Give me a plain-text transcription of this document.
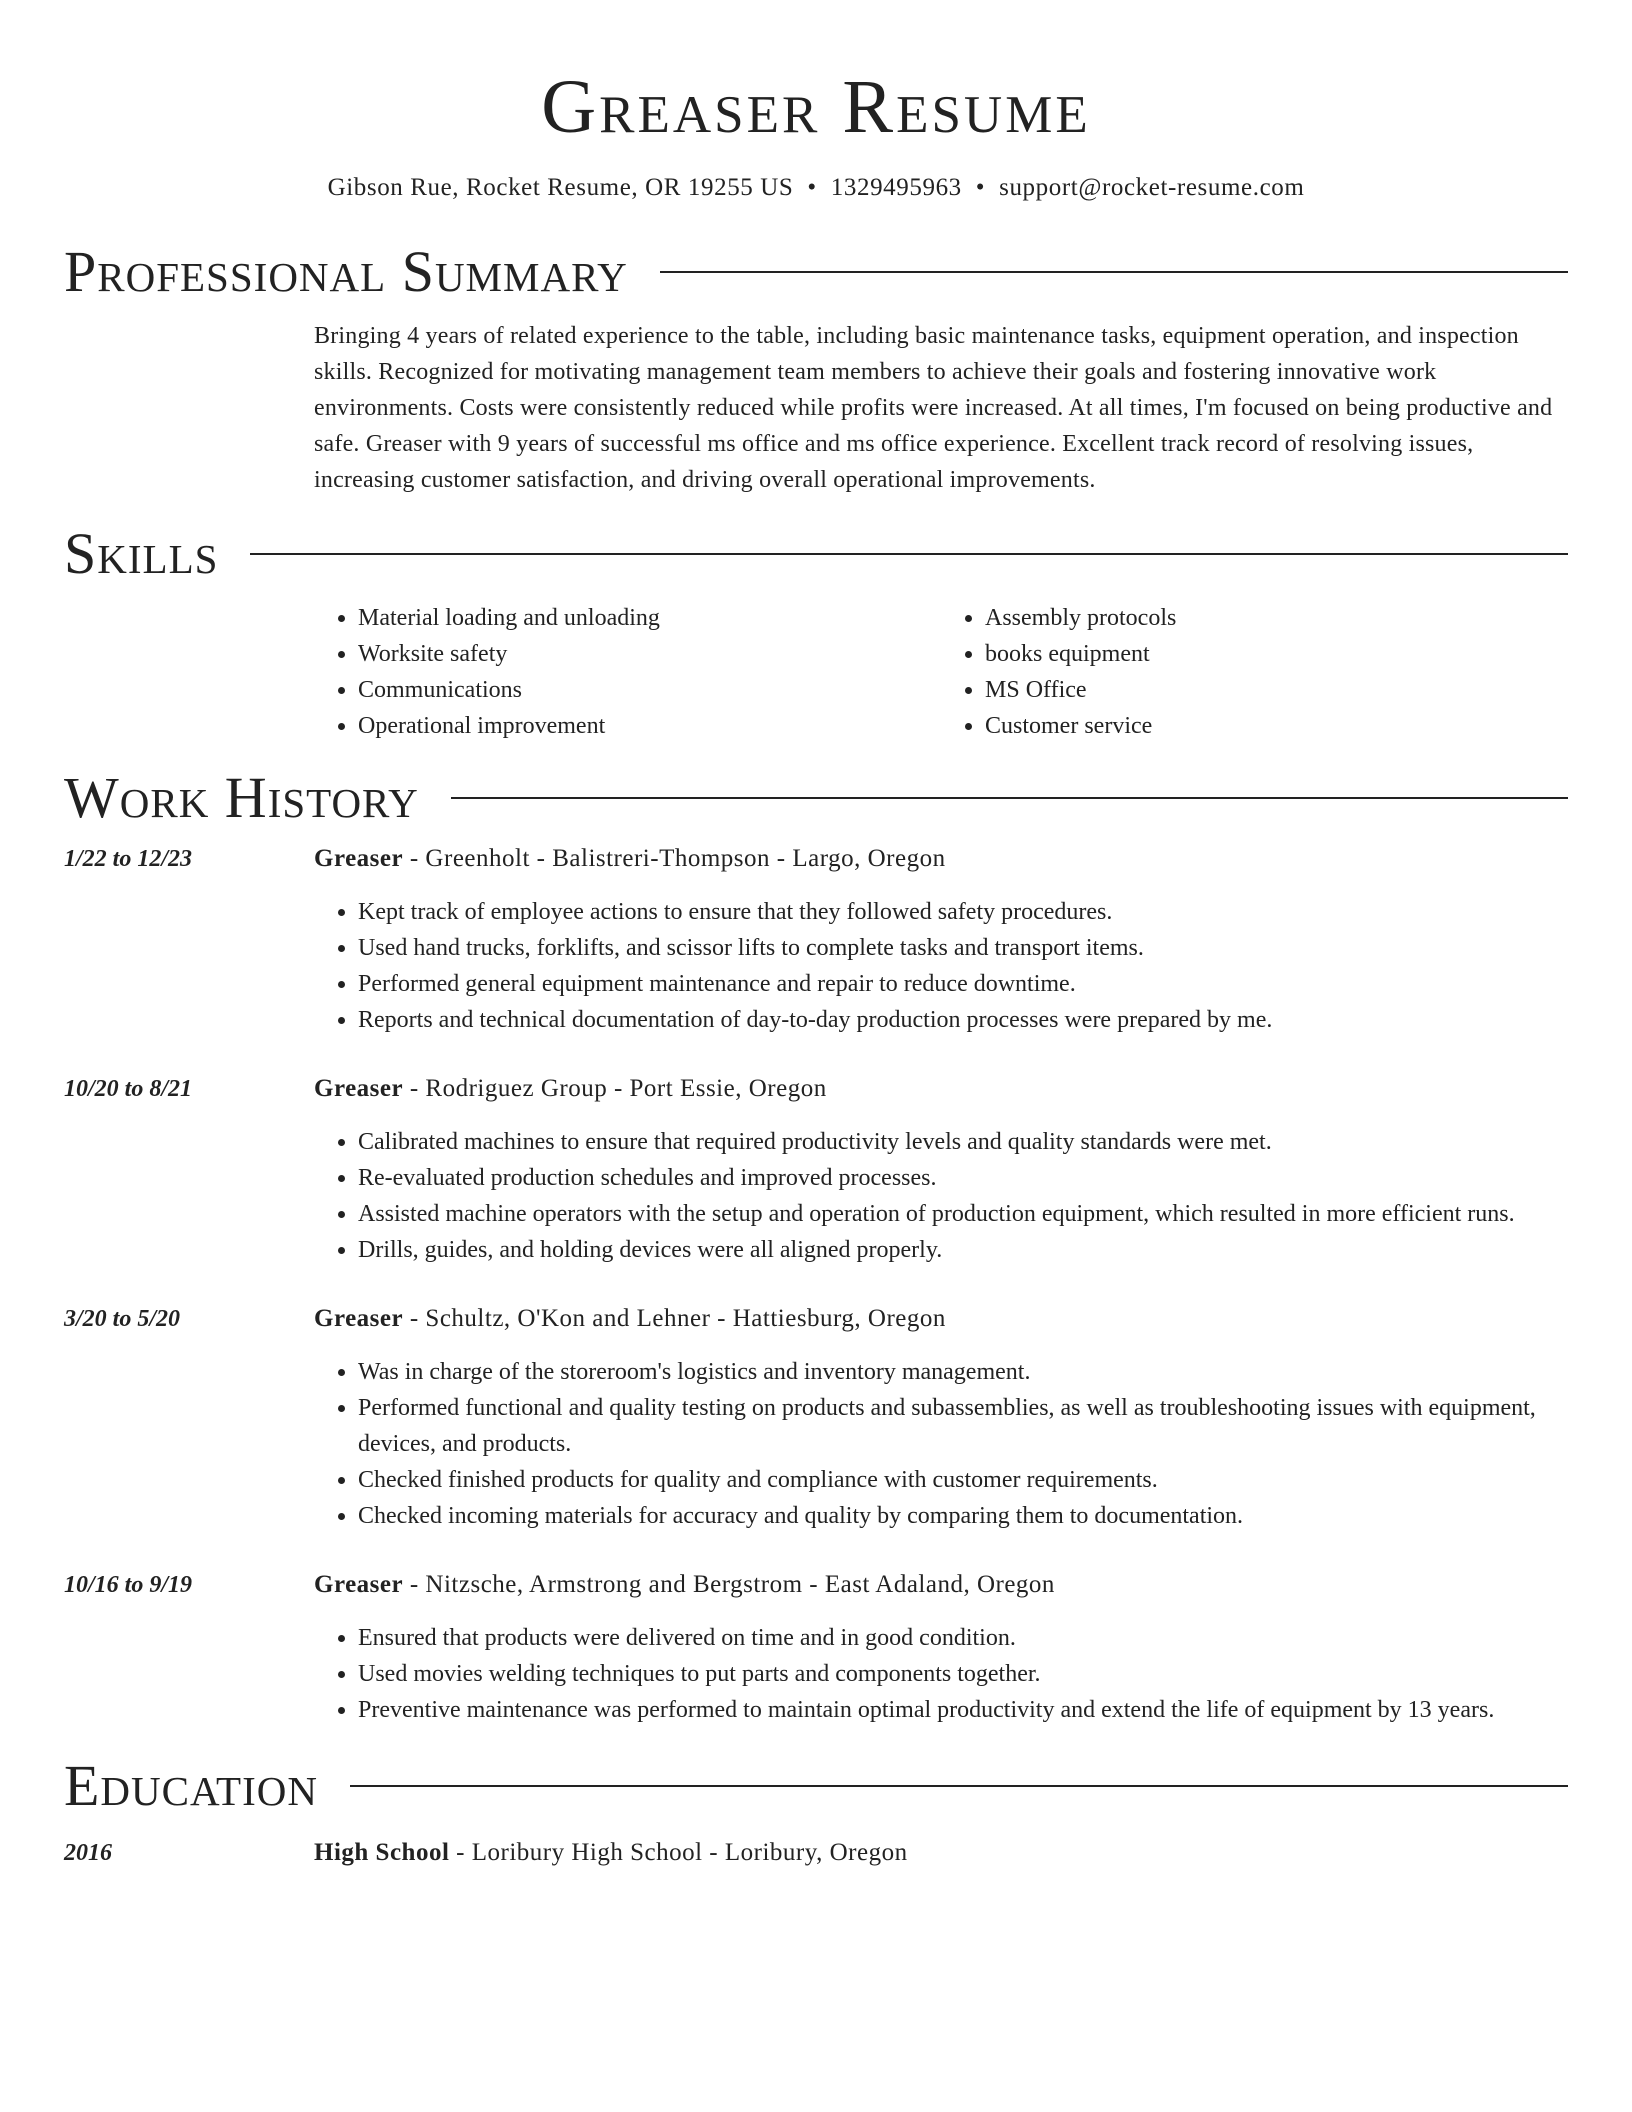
Greaser Resume
Gibson Rue, Rocket Resume, OR 19255 US • 1329495963 • support@rocket-resume.com
Professional Summary
Bringing 4 years of related experience to the table, including basic maintenance tasks, equipment operation, and inspection skills. Recognized for motivating management team members to achieve their goals and fostering innovative work environments. Costs were consistently reduced while profits were increased. At all times, I'm focused on being productive and safe. Greaser with 9 years of successful ms office and ms office experience. Excellent track record of resolving issues, increasing customer satisfaction, and driving overall operational improvements.
Skills
• Material loading and unloading
• Worksite safety
• Communications
• Operational improvement
• Assembly protocols
• books equipment
• MS Office
• Customer service
Work History
1/22 to 12/23	Greaser - Greenholt - Balistreri-Thompson - Largo, Oregon
• Kept track of employee actions to ensure that they followed safety procedures.
• Used hand trucks, forklifts, and scissor lifts to complete tasks and transport items.
• Performed general equipment maintenance and repair to reduce downtime.
• Reports and technical documentation of day-to-day production processes were prepared by me.
10/20 to 8/21	Greaser - Rodriguez Group - Port Essie, Oregon
• Calibrated machines to ensure that required productivity levels and quality standards were met.
• Re-evaluated production schedules and improved processes.
• Assisted machine operators with the setup and operation of production equipment, which resulted in more efficient runs.
• Drills, guides, and holding devices were all aligned properly.
3/20 to 5/20	Greaser - Schultz, O'Kon and Lehner - Hattiesburg, Oregon
• Was in charge of the storeroom's logistics and inventory management.
• Performed functional and quality testing on products and subassemblies, as well as troubleshooting issues with equipment, devices, and products.
• Checked finished products for quality and compliance with customer requirements.
• Checked incoming materials for accuracy and quality by comparing them to documentation.
10/16 to 9/19	Greaser - Nitzsche, Armstrong and Bergstrom - East Adaland, Oregon
• Ensured that products were delivered on time and in good condition.
• Used movies welding techniques to put parts and components together.
• Preventive maintenance was performed to maintain optimal productivity and extend the life of equipment by 13 years.
Education
2016	High School - Loribury High School - Loribury, Oregon
